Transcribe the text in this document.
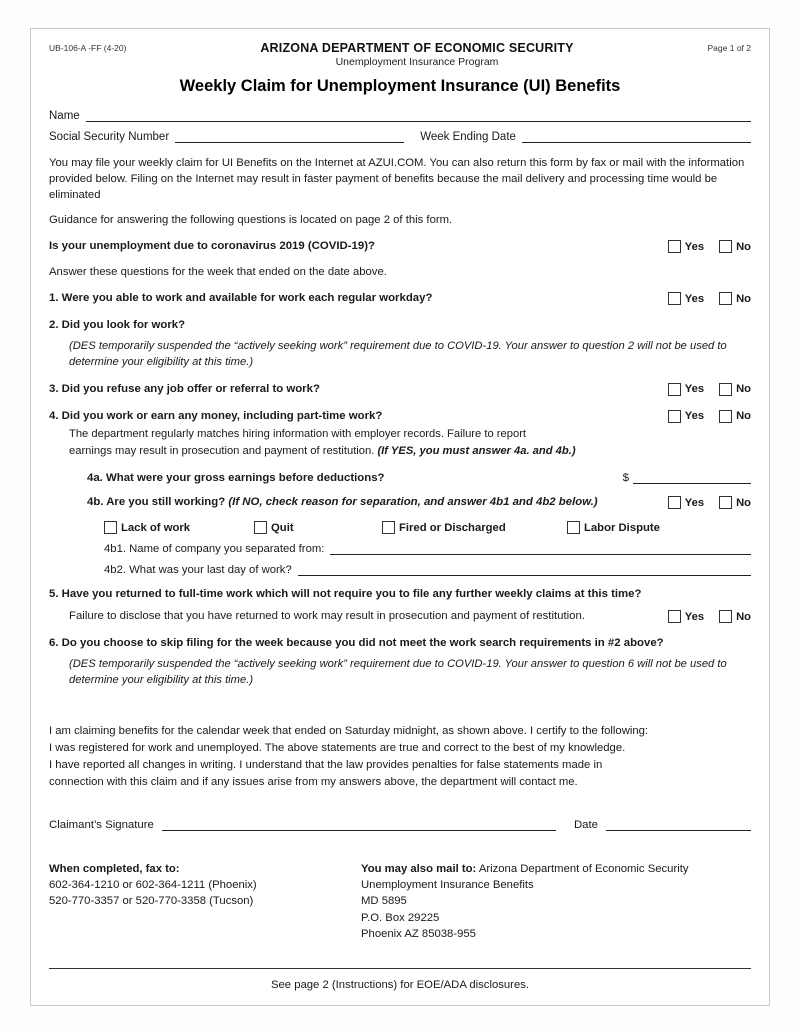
UB-106-A -FF (4-20)	ARIZONA DEPARTMENT OF ECONOMIC SECURITY
Unemployment Insurance Program
Page 1 of 2
Weekly Claim for Unemployment Insurance (UI) Benefits
Name
Social Security Number	Week Ending Date
You may file your weekly claim for UI Benefits on the Internet at AZUI.COM. You can also return this form by fax or mail with the information provided below. Filing on the Internet may result in faster payment of benefits because the mail delivery and processing time would be eliminated
Guidance for answering the following questions is located on page 2 of this form.
Is your unemployment due to coronavirus 2019 (COVID-19)?	Yes	No
Answer these questions for the week that ended on the date above.
1. Were you able to work and available for work each regular workday?	Yes	No
2. Did you look for work?
(DES temporarily suspended the “actively seeking work” requirement due to COVID-19. Your answer to question 2 will not be used to determine your eligibility at this time.)
3. Did you refuse any job offer or referral to work?	Yes	No
4. Did you work or earn any money, including part-time work?	Yes	No
The department regularly matches hiring information with employer records. Failure to report
earnings may result in prosecution and payment of restitution. (If YES, you must answer 4a. and 4b.)
4a. What were your gross earnings before deductions?	$
4b. Are you still working? (If NO, check reason for separation, and answer 4b1 and 4b2 below.)	Yes	No
Lack of work	Quit	Fired or Discharged	Labor Dispute
4b1. Name of company you separated from:
4b2. What was your last day of work?
5. Have you returned to full-time work which will not require you to file any further weekly claims at this time?
Failure to disclose that you have returned to work may result in prosecution and payment of restitution.	Yes	No
6. Do you choose to skip filing for the week because you did not meet the work search requirements in #2 above?
(DES temporarily suspended the “actively seeking work” requirement due to COVID-19. Your answer to question 6 will not be used to determine your eligibility at this time.)
I am claiming benefits for the calendar week that ended on Saturday midnight, as shown above. I certify to the following:
I was registered for work and unemployed. The above statements are true and correct to the best of my knowledge.
I have reported all changes in writing. I understand that the law provides penalties for false statements made in
connection with this claim and if any issues arise from my answers above, the department will contact me.
Claimant’s Signature	Date
When completed, fax to:
602-364-1210 or 602-364-1211 (Phoenix)
520-770-3357 or 520-770-3358 (Tucson)
You may also mail to: Arizona Department of Economic Security
Unemployment Insurance Benefits
MD 5895
P.O. Box 29225
Phoenix AZ 85038-955
See page 2 (Instructions) for EOE/ADA disclosures.
